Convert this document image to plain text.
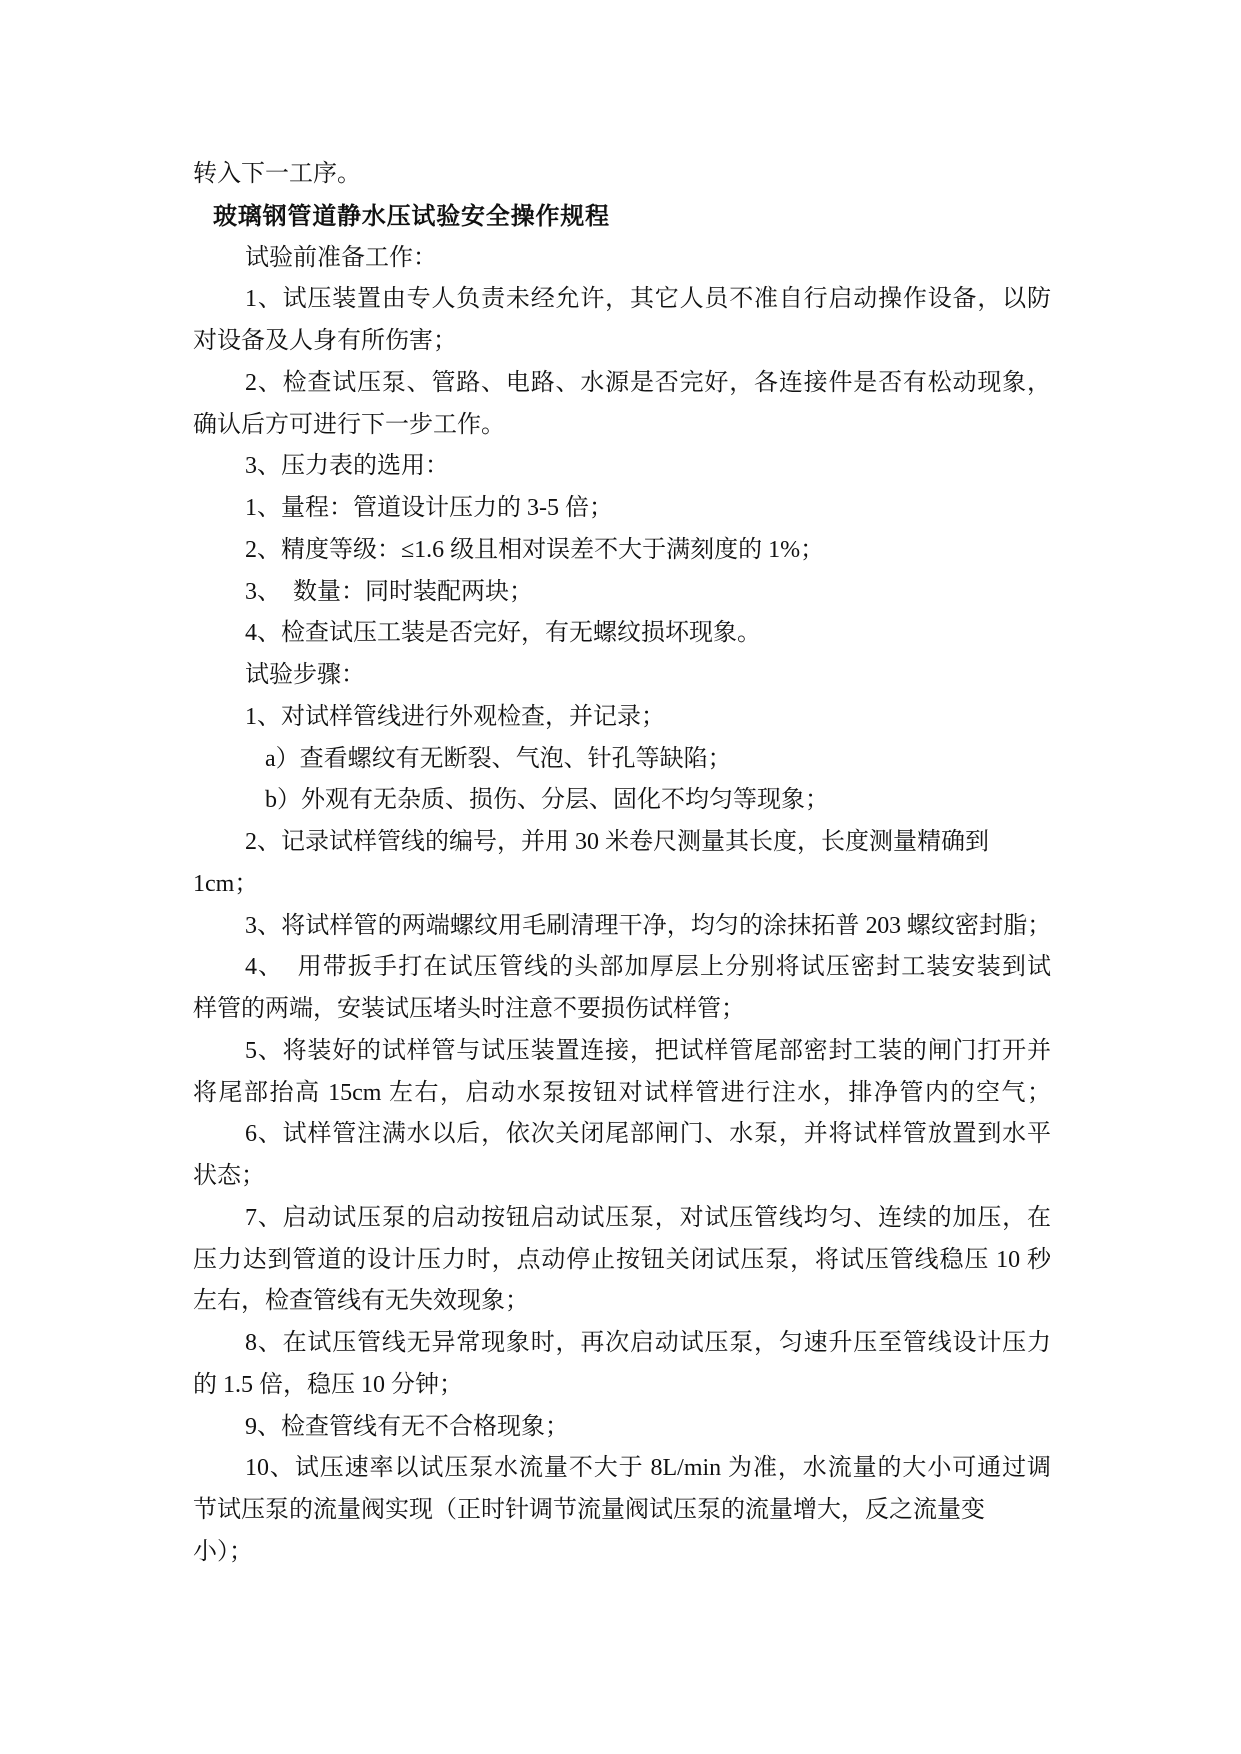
转入下一工序。
玻璃钢管道静水压试验安全操作规程
试验前准备工作：
1、试压装置由专人负责未经允许，其它人员不准自行启动操作设备，以防
对设备及人身有所伤害；
2、检查试压泵、管路、电路、水源是否完好，各连接件是否有松动现象，
确认后方可进行下一步工作。
3、压力表的选用：
1、量程：管道设计压力的 3-5 倍；
2、精度等级：≤1.6 级且相对误差不大于满刻度的 1%；
3、  数量：同时装配两块；
4、检查试压工装是否完好，有无螺纹损坏现象。
试验步骤：
1、对试样管线进行外观检查，并记录；
a）查看螺纹有无断裂、气泡、针孔等缺陷；
b）外观有无杂质、损伤、分层、固化不均匀等现象；
2、记录试样管线的编号，并用 30 米卷尺测量其长度，长度测量精确到
1cm；
3、将试样管的两端螺纹用毛刷清理干净，均匀的涂抹拓普 203 螺纹密封脂；
4、  用带扳手打在试压管线的头部加厚层上分别将试压密封工装安装到试
样管的两端，安装试压堵头时注意不要损伤试样管；
5、将装好的试样管与试压装置连接，把试样管尾部密封工装的闸门打开并
将尾部抬高 15cm 左右，启动水泵按钮对试样管进行注水，排净管内的空气；
6、试样管注满水以后，依次关闭尾部闸门、水泵，并将试样管放置到水平
状态；
7、启动试压泵的启动按钮启动试压泵，对试压管线均匀、连续的加压，在
压力达到管道的设计压力时，点动停止按钮关闭试压泵，将试压管线稳压 10 秒
左右，检查管线有无失效现象；
8、在试压管线无异常现象时，再次启动试压泵，匀速升压至管线设计压力
的 1.5 倍，稳压 10 分钟；
9、检查管线有无不合格现象；
10、试压速率以试压泵水流量不大于 8L/min 为准，水流量的大小可通过调
节试压泵的流量阀实现（正时针调节流量阀试压泵的流量增大，反之流量变
小）；
